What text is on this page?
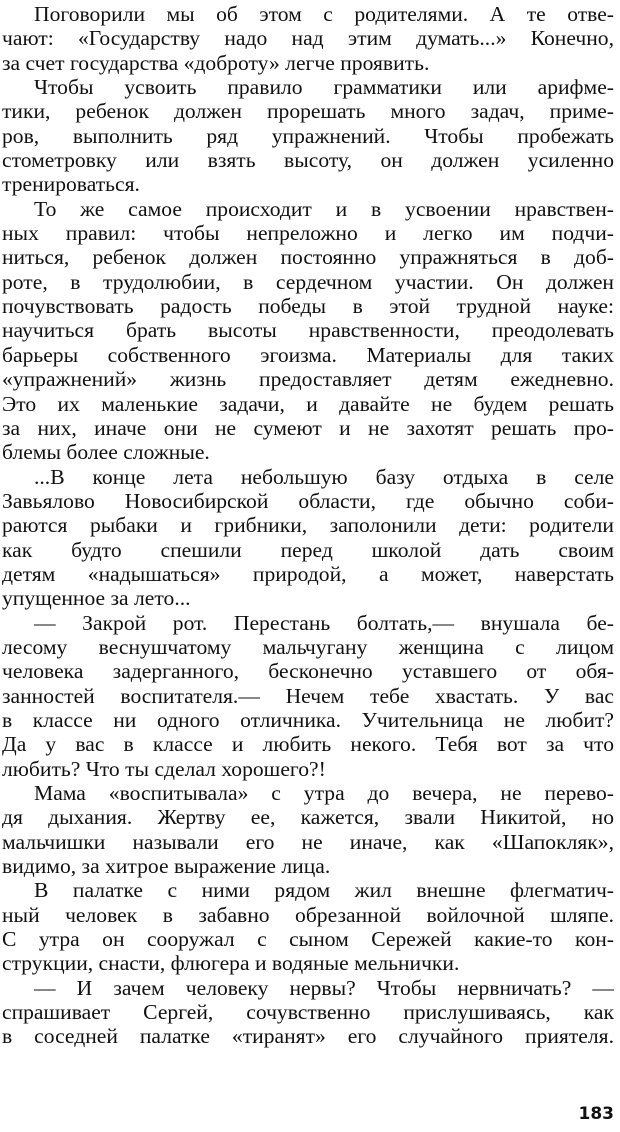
Поговорили мы об этом с родителями. А те отве-
чают: «Государству надо над этим думать...» Конечно,
за счет государства «доброту» легче проявить.
Чтобы усвоить правило грамматики или арифме-
тики, ребенок должен прорешать много задач, приме-
ров, выполнить ряд упражнений. Чтобы пробежать
стометровку или взять высоту, он должен усиленно
тренироваться.
То же самое происходит и в усвоении нравствен-
ных правил: чтобы непреложно и легко им подчи-
ниться, ребенок должен постоянно упражняться в доб-
роте, в трудолюбии, в сердечном участии. Он должен
почувствовать радость победы в этой трудной науке:
научиться брать высоты нравственности, преодолевать
барьеры собственного эгоизма. Материалы для таких
«упражнений» жизнь предоставляет детям ежедневно.
Это их маленькие задачи, и давайте не будем решать
за них, иначе они не сумеют и не захотят решать про-
блемы более сложные.
...В конце лета небольшую базу отдыха в селе
Завьялово Новосибирской области, где обычно соби-
раются рыбаки и грибники, заполонили дети: родители
как будто спешили перед школой дать своим
детям «надышаться» природой, а может, наверстать
упущенное за лето...
— Закрой рот. Перестань болтать,— внушала бе-
лесому веснушчатому мальчугану женщина с лицом
человека задерганного, бесконечно уставшего от обя-
занностей воспитателя.— Нечем тебе хвастать. У вас
в классе ни одного отличника. Учительница не любит?
Да у вас в классе и любить некого. Тебя вот за что
любить? Что ты сделал хорошего?!
Мама «воспитывала» с утра до вечера, не перево-
дя дыхания. Жертву ее, кажется, звали Никитой, но
мальчишки называли его не иначе, как «Шапокляк»,
видимо, за хитрое выражение лица.
В палатке с ними рядом жил внешне флегматич-
ный человек в забавно обрезанной войлочной шляпе.
С утра он сооружал с сыном Сережей какие-то кон-
струкции, снасти, флюгера и водяные мельнички.
— И зачем человеку нервы? Чтобы нервничать? —
спрашивает Сергей, сочувственно прислушиваясь, как
в соседней палатке «тиранят» его случайного приятеля.
183
